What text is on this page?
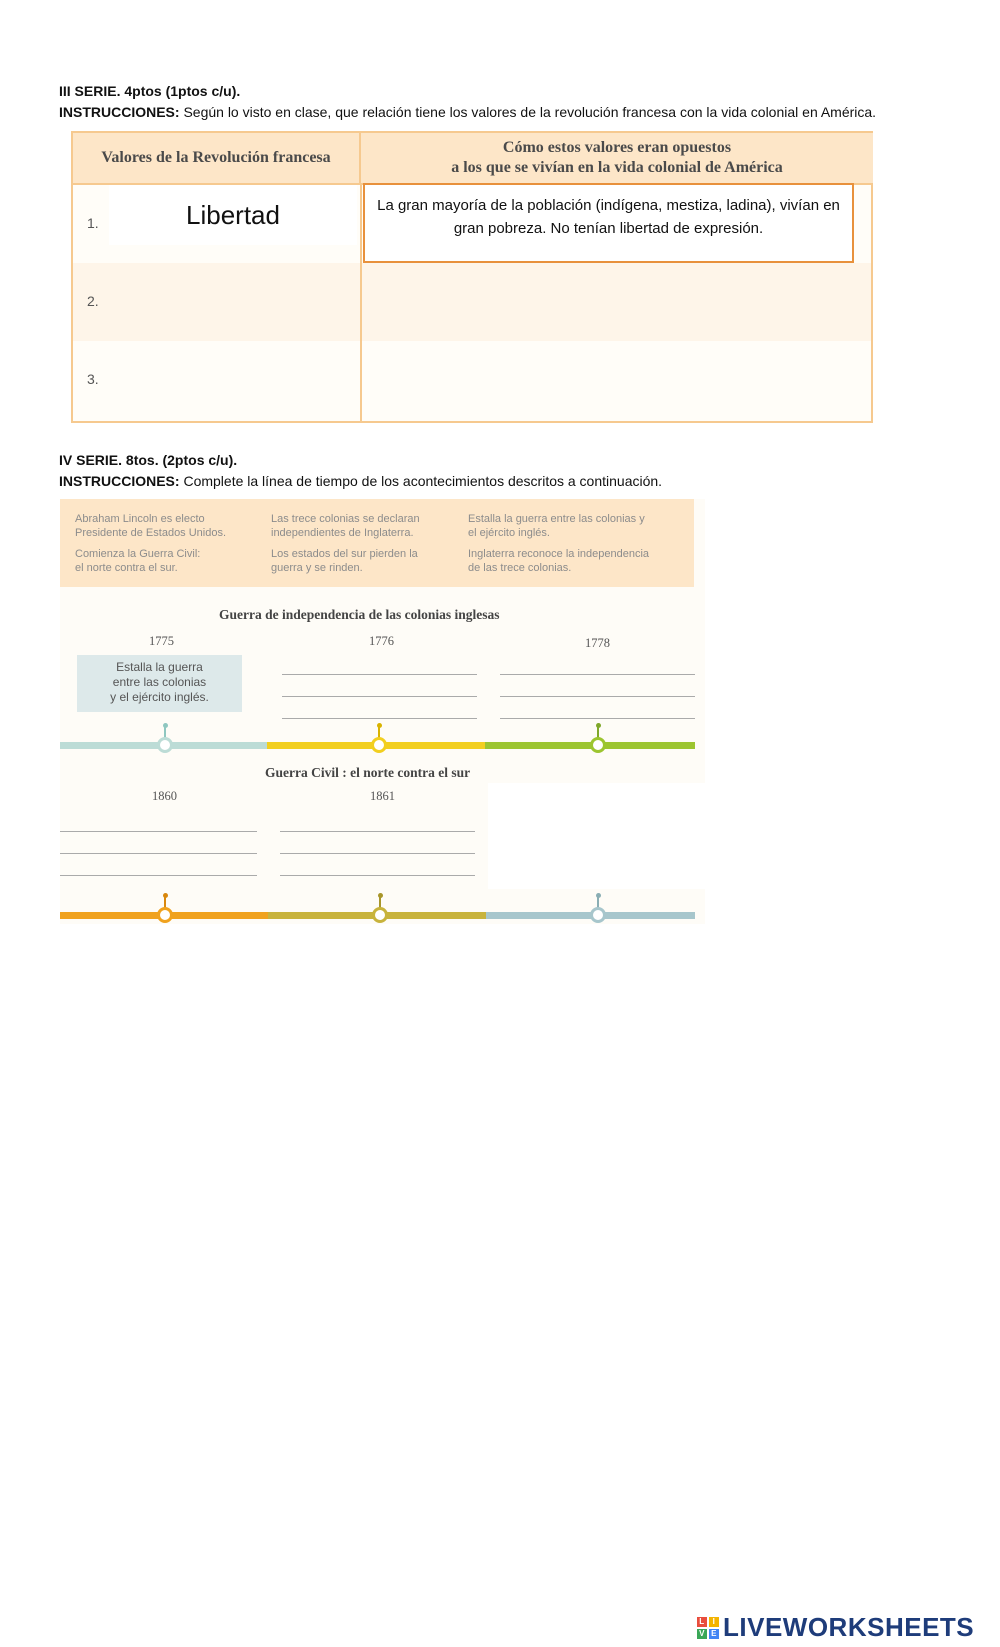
III SERIE. 4ptos (1ptos c/u).
INSTRUCCIONES: Según lo visto en clase, que relación tiene los valores de la revolución francesa con la vida colonial en América.
Valores de la Revolución francesa
Cómo estos valores eran opuestos
a los que se vivían en la vida colonial de América
1.	Libertad	La gran mayoría de la población (indígena, mestiza, ladina), vivían en gran pobreza. No tenían libertad de expresión.
2.
3.
IV SERIE. 8tos. (2ptos c/u).
INSTRUCCIONES: Complete la línea de tiempo de los acontecimientos descritos a continuación.
Abraham Lincoln es electo
Presidente de Estados Unidos.
Las trece colonias se declaran
independientes de Inglaterra.
Estalla la guerra entre las colonias y
el ejército inglés.
Comienza la Guerra Civil:
el norte contra el sur.
Los estados del sur pierden la
guerra y se rinden.
Inglaterra reconoce la independencia
de las trece colonias.
Guerra de independencia de las colonias inglesas
1775	1776	1778
Estalla la guerra
entre las colonias
y el ejército inglés.
Guerra Civil : el norte contra el sur
1860	1861
L I
V E LIVEWORKSHEETS
